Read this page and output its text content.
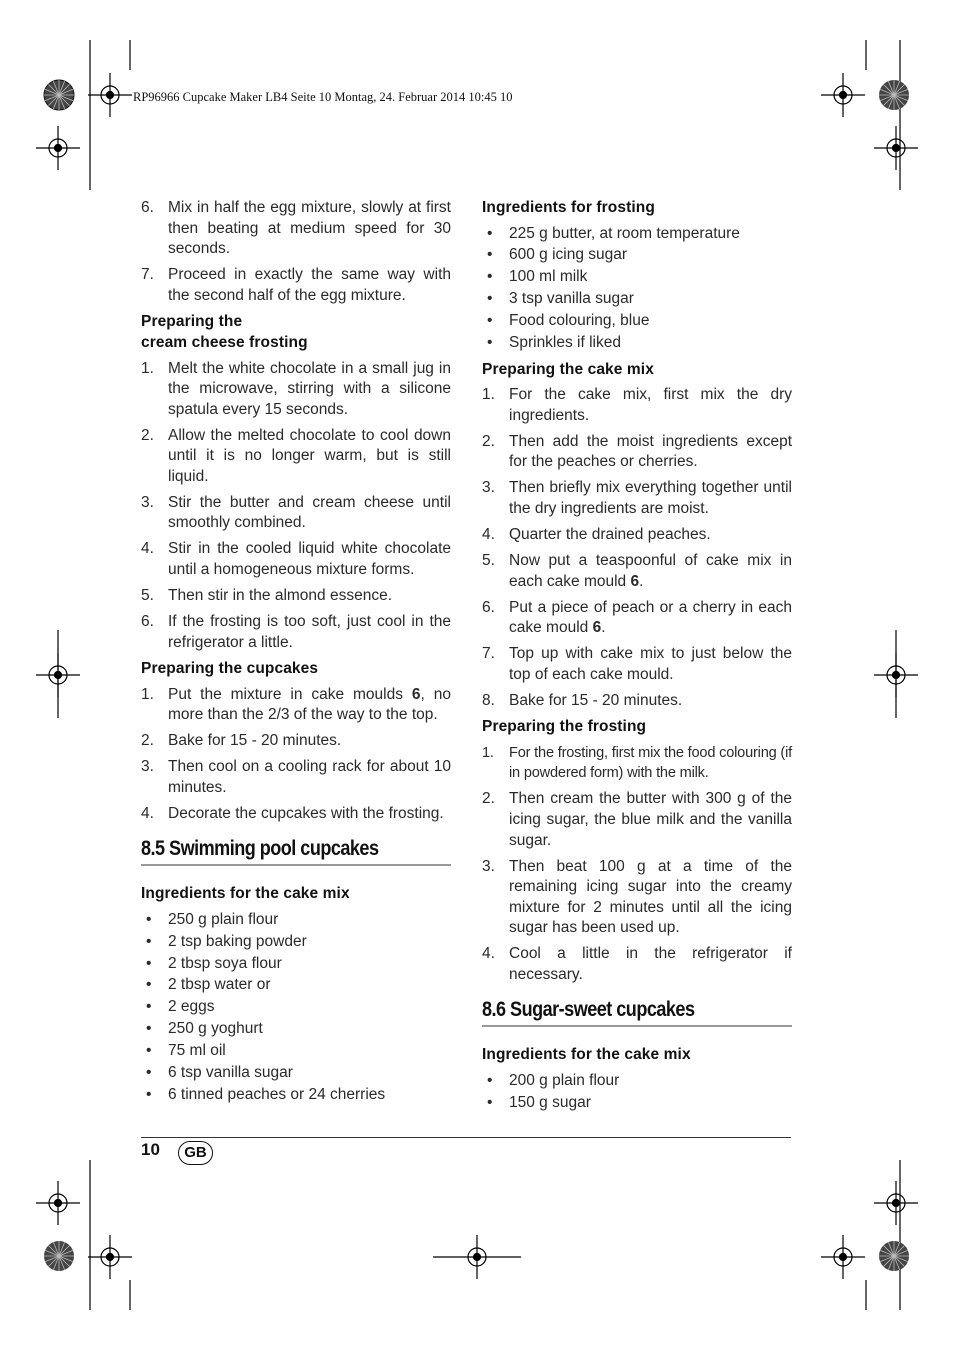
RP96966 Cupcake Maker LB4 Seite 10 Montag, 24. Februar 2014 10:45 10
6. Mix in half the egg mixture, slowly at first then beating at medium speed for 30 seconds.
7. Proceed in exactly the same way with the second half of the egg mixture.
Preparing the
cream cheese frosting
1. Melt the white chocolate in a small jug in the microwave, stirring with a silicone spatula every 15 seconds.
2. Allow the melted chocolate to cool down until it is no longer warm, but is still liquid.
3. Stir the butter and cream cheese until smoothly combined.
4. Stir in the cooled liquid white chocolate until a homogeneous mixture forms.
5. Then stir in the almond essence.
6. If the frosting is too soft, just cool in the refrigerator a little.
Preparing the cupcakes
1. Put the mixture in cake moulds 6, no more than the 2/3 of the way to the top.
2. Bake for 15 - 20 minutes.
3. Then cool on a cooling rack for about 10 minutes.
4. Decorate the cupcakes with the frosting.
8.5 Swimming pool cupcakes
Ingredients for the cake mix
• 250 g plain flour
• 2 tsp baking powder
• 2 tbsp soya flour
• 2 tbsp water or
• 2 eggs
• 250 g yoghurt
• 75 ml oil
• 6 tsp vanilla sugar
• 6 tinned peaches or 24 cherries
Ingredients for frosting
• 225 g butter, at room temperature
• 600 g icing sugar
• 100 ml milk
• 3 tsp vanilla sugar
• Food colouring, blue
• Sprinkles if liked
Preparing the cake mix
1. For the cake mix, first mix the dry ingredients.
2. Then add the moist ingredients except for the peaches or cherries.
3. Then briefly mix everything together until the dry ingredients are moist.
4. Quarter the drained peaches.
5. Now put a teaspoonful of cake mix in each cake mould 6.
6. Put a piece of peach or a cherry in each cake mould 6.
7. Top up with cake mix to just below the top of each cake mould.
8. Bake for 15 - 20 minutes.
Preparing the frosting
1. For the frosting, first mix the food colouring (if in powdered form) with the milk.
2. Then cream the butter with 300 g of the icing sugar, the blue milk and the vanilla sugar.
3. Then beat 100 g at a time of the remaining icing sugar into the creamy mixture for 2 minutes until all the icing sugar has been used up.
4. Cool a little in the refrigerator if necessary.
8.6 Sugar-sweet cupcakes
Ingredients for the cake mix
• 200 g plain flour
• 150 g sugar
10	GB
